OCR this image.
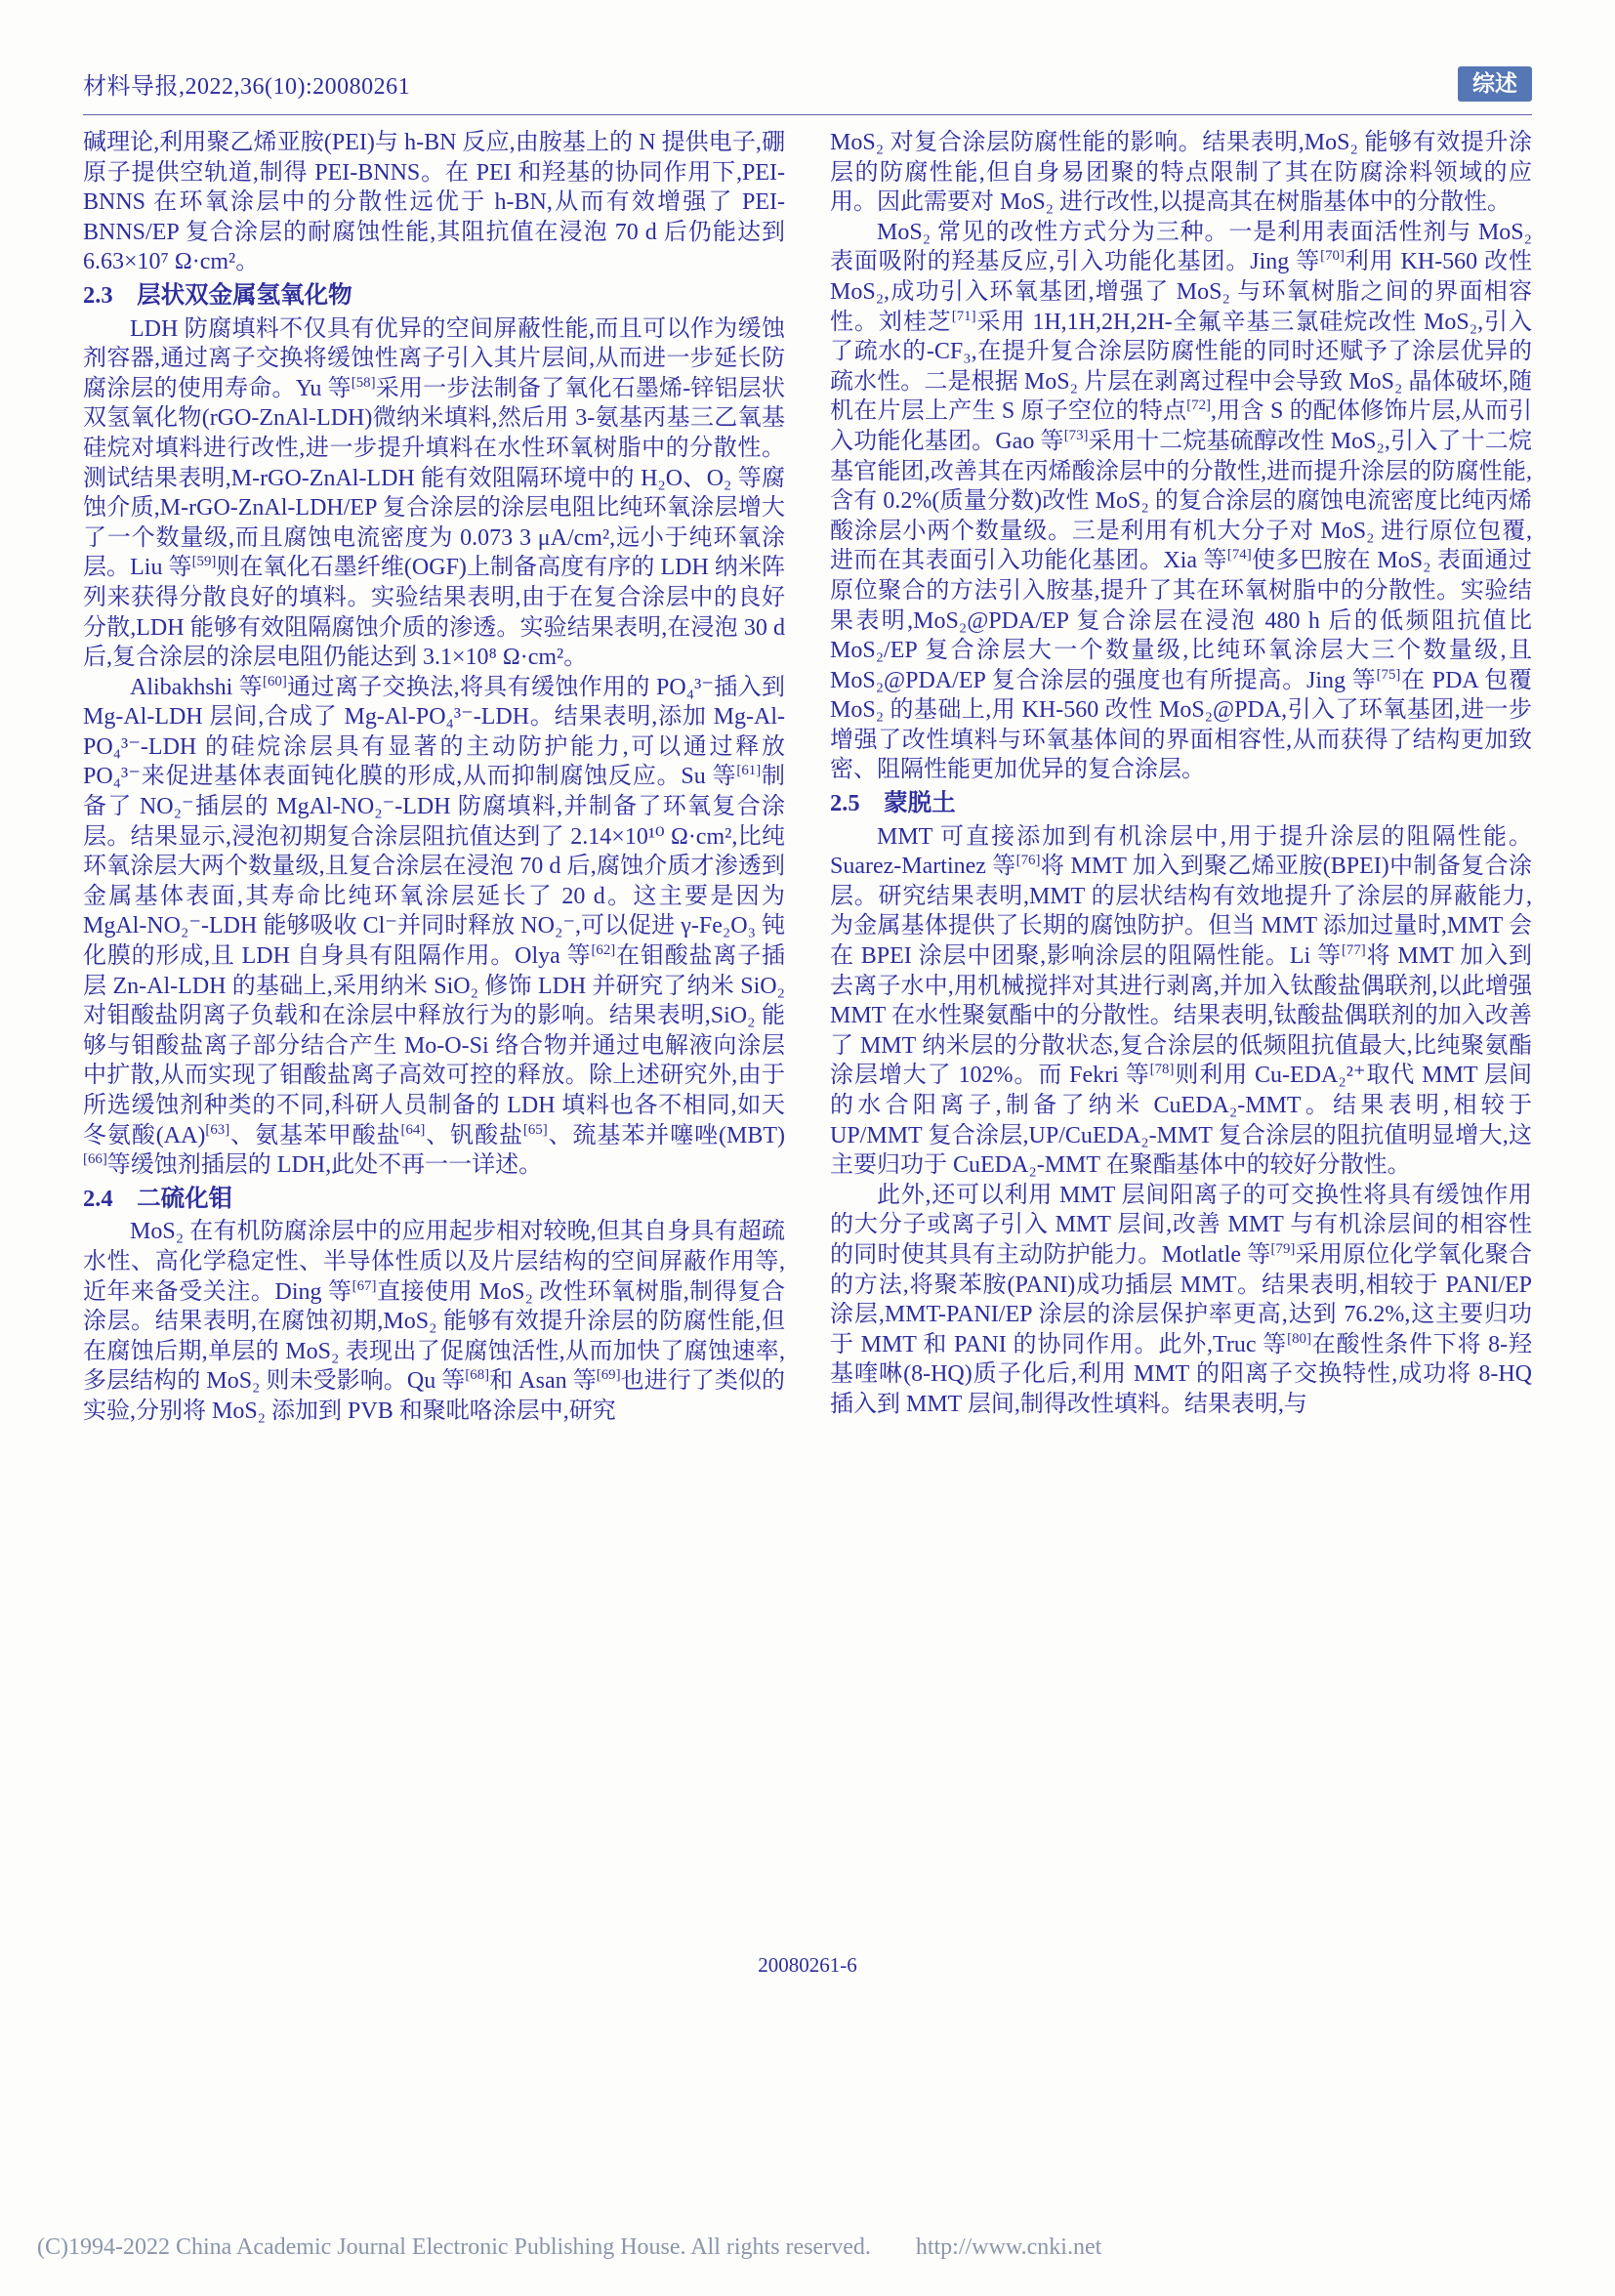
材料导报,2022,36(10):20080261	综述

碱理论,利用聚乙烯亚胺(PEI)与 h-BN 反应,由胺基上的 N 提供电子,硼原子提供空轨道,制得 PEI-BNNS。在 PEI 和羟基的协同作用下,PEI-BNNS 在环氧涂层中的分散性远优于 h-BN,从而有效增强了 PEI-BNNS/EP 复合涂层的耐腐蚀性能,其阻抗值在浸泡 70 d 后仍能达到 6.63×10⁷ Ω·cm²。

2.3　层状双金属氢氧化物

LDH 防腐填料不仅具有优异的空间屏蔽性能,而且可以作为缓蚀剂容器,通过离子交换将缓蚀性离子引入其片层间,从而进一步延长防腐涂层的使用寿命。Yu 等[58]采用一步法制备了氧化石墨烯-锌铝层状双氢氧化物(rGO-ZnAl-LDH)微纳米填料,然后用 3-氨基丙基三乙氧基硅烷对填料进行改性,进一步提升填料在水性环氧树脂中的分散性。测试结果表明,M-rGO-ZnAl-LDH 能有效阻隔环境中的 H₂O、O₂ 等腐蚀介质,M-rGO-ZnAl-LDH/EP 复合涂层的涂层电阻比纯环氧涂层增大了一个数量级,而且腐蚀电流密度为 0.073 3 μA/cm²,远小于纯环氧涂层。Liu 等[59]则在氧化石墨纤维(OGF)上制备高度有序的 LDH 纳米阵列来获得分散良好的填料。实验结果表明,由于在复合涂层中的良好分散,LDH 能够有效阻隔腐蚀介质的渗透。实验结果表明,在浸泡 30 d 后,复合涂层的涂层电阻仍能达到 3.1×10⁸ Ω·cm²。

Alibakhshi 等[60]通过离子交换法,将具有缓蚀作用的 PO₄³⁻插入到 Mg-Al-LDH 层间,合成了 Mg-Al-PO₄³⁻-LDH。结果表明,添加 Mg-Al-PO₄³⁻-LDH 的硅烷涂层具有显著的主动防护能力,可以通过释放 PO₄³⁻来促进基体表面钝化膜的形成,从而抑制腐蚀反应。Su 等[61]制备了 NO₂⁻插层的 MgAl-NO₂⁻-LDH 防腐填料,并制备了环氧复合涂层。结果显示,浸泡初期复合涂层阻抗值达到了 2.14×10¹⁰ Ω·cm²,比纯环氧涂层大两个数量级,且复合涂层在浸泡 70 d 后,腐蚀介质才渗透到金属基体表面,其寿命比纯环氧涂层延长了 20 d。这主要是因为 MgAl-NO₂⁻-LDH 能够吸收 Cl⁻并同时释放 NO₂⁻,可以促进 γ-Fe₂O₃ 钝化膜的形成,且 LDH 自身具有阻隔作用。Olya 等[62]在钼酸盐离子插层 Zn-Al-LDH 的基础上,采用纳米 SiO₂ 修饰 LDH 并研究了纳米 SiO₂ 对钼酸盐阴离子负载和在涂层中释放行为的影响。结果表明,SiO₂ 能够与钼酸盐离子部分结合产生 Mo-O-Si 络合物并通过电解液向涂层中扩散,从而实现了钼酸盐离子高效可控的释放。除上述研究外,由于所选缓蚀剂种类的不同,科研人员制备的 LDH 填料也各不相同,如天冬氨酸(AA)[63]、氨基苯甲酸盐[64]、钒酸盐[65]、巯基苯并噻唑(MBT)[66]等缓蚀剂插层的 LDH,此处不再一一详述。

2.4　二硫化钼

MoS₂ 在有机防腐涂层中的应用起步相对较晚,但其自身具有超疏水性、高化学稳定性、半导体性质以及片层结构的空间屏蔽作用等,近年来备受关注。Ding 等[67]直接使用 MoS₂ 改性环氧树脂,制得复合涂层。结果表明,在腐蚀初期,MoS₂ 能够有效提升涂层的防腐性能,但在腐蚀后期,单层的 MoS₂ 表现出了促腐蚀活性,从而加快了腐蚀速率,多层结构的 MoS₂ 则未受影响。Qu 等[68]和 Asan 等[69]也进行了类似的实验,分别将 MoS₂ 添加到 PVB 和聚吡咯涂层中,研究

MoS₂ 对复合涂层防腐性能的影响。结果表明,MoS₂ 能够有效提升涂层的防腐性能,但自身易团聚的特点限制了其在防腐涂料领域的应用。因此需要对 MoS₂ 进行改性,以提高其在树脂基体中的分散性。

MoS₂ 常见的改性方式分为三种。一是利用表面活性剂与 MoS₂ 表面吸附的羟基反应,引入功能化基团。Jing 等[70]利用 KH-560 改性 MoS₂,成功引入环氧基团,增强了 MoS₂ 与环氧树脂之间的界面相容性。刘桂芝[71]采用 1H,1H,2H,2H-全氟辛基三氯硅烷改性 MoS₂,引入了疏水的-CF₃,在提升复合涂层防腐性能的同时还赋予了涂层优异的疏水性。二是根据 MoS₂ 片层在剥离过程中会导致 MoS₂ 晶体破坏,随机在片层上产生 S 原子空位的特点[72],用含 S 的配体修饰片层,从而引入功能化基团。Gao 等[73]采用十二烷基硫醇改性 MoS₂,引入了十二烷基官能团,改善其在丙烯酸涂层中的分散性,进而提升涂层的防腐性能,含有 0.2%(质量分数)改性 MoS₂ 的复合涂层的腐蚀电流密度比纯丙烯酸涂层小两个数量级。三是利用有机大分子对 MoS₂ 进行原位包覆,进而在其表面引入功能化基团。Xia 等[74]使多巴胺在 MoS₂ 表面通过原位聚合的方法引入胺基,提升了其在环氧树脂中的分散性。实验结果表明,MoS₂@PDA/EP 复合涂层在浸泡 480 h 后的低频阻抗值比 MoS₂/EP 复合涂层大一个数量级,比纯环氧涂层大三个数量级,且 MoS₂@PDA/EP 复合涂层的强度也有所提高。Jing 等[75]在 PDA 包覆 MoS₂ 的基础上,用 KH-560 改性 MoS₂@PDA,引入了环氧基团,进一步增强了改性填料与环氧基体间的界面相容性,从而获得了结构更加致密、阻隔性能更加优异的复合涂层。

2.5　蒙脱土

MMT 可直接添加到有机涂层中,用于提升涂层的阻隔性能。Suarez-Martinez 等[76]将 MMT 加入到聚乙烯亚胺(BPEI)中制备复合涂层。研究结果表明,MMT 的层状结构有效地提升了涂层的屏蔽能力,为金属基体提供了长期的腐蚀防护。但当 MMT 添加过量时,MMT 会在 BPEI 涂层中团聚,影响涂层的阻隔性能。Li 等[77]将 MMT 加入到去离子水中,用机械搅拌对其进行剥离,并加入钛酸盐偶联剂,以此增强 MMT 在水性聚氨酯中的分散性。结果表明,钛酸盐偶联剂的加入改善了 MMT 纳米层的分散状态,复合涂层的低频阻抗值最大,比纯聚氨酯涂层增大了 102%。而 Fekri 等[78]则利用 Cu-EDA₂²⁺取代 MMT 层间的水合阳离子,制备了纳米 CuEDA₂-MMT。结果表明,相较于 UP/MMT 复合涂层,UP/CuEDA₂-MMT 复合涂层的阻抗值明显增大,这主要归功于 CuEDA₂-MMT 在聚酯基体中的较好分散性。

此外,还可以利用 MMT 层间阳离子的可交换性将具有缓蚀作用的大分子或离子引入 MMT 层间,改善 MMT 与有机涂层间的相容性的同时使其具有主动防护能力。Motlatle 等[79]采用原位化学氧化聚合的方法,将聚苯胺(PANI)成功插层 MMT。结果表明,相较于 PANI/EP 涂层,MMT-PANI/EP 涂层的涂层保护率更高,达到 76.2%,这主要归功于 MMT 和 PANI 的协同作用。此外,Truc 等[80]在酸性条件下将 8-羟基喹啉(8-HQ)质子化后,利用 MMT 的阳离子交换特性,成功将 8-HQ 插入到 MMT 层间,制得改性填料。结果表明,与

20080261-6
(C)1994-2022 China Academic Journal Electronic Publishing House. All rights reserved. http://www.cnki.net
